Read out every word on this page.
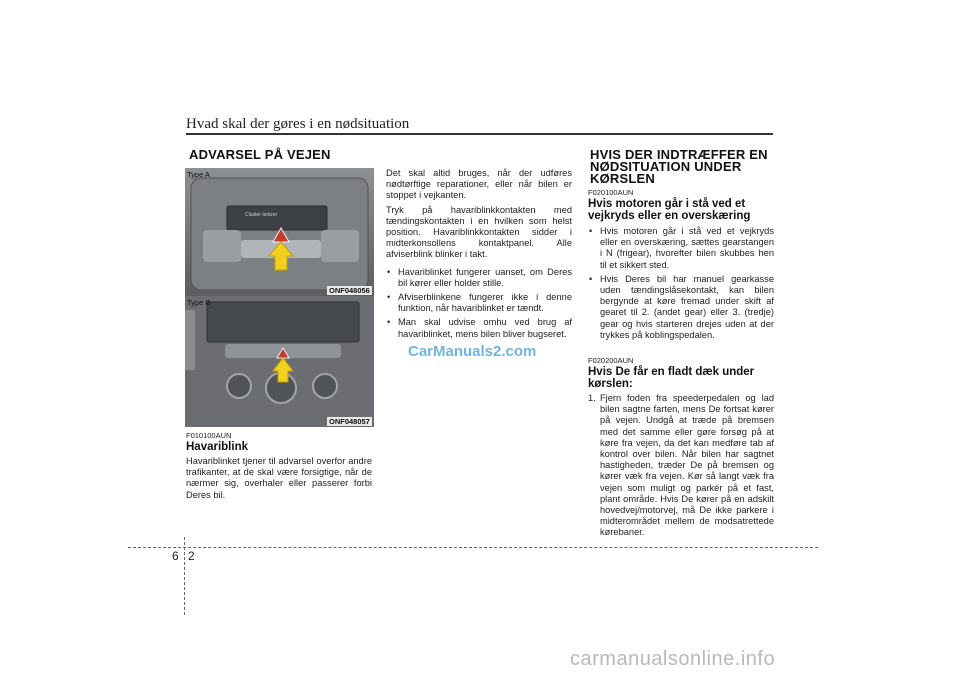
Hvad skal der gøres i en nødsituation
ADVARSEL PÅ VEJEN
Cluster Ionizer
Type A
ONF048056
Type B
ONF048057
F010100AUN
Havariblink

Havariblinket tjener til advarsel overfor andre trafikanter, at de skal være forsigtige, når de nærmer sig, overhaler eller passerer forbi Deres bil.

Det skal altid bruges, når der udføres nødtørftige reparationer, eller når bilen er stoppet i vejkanten.

Tryk på havariblinkkontakten med tændingskontakten i en hvilken som helst position. Havariblinkkontakten sidder i midterkonsollens kontaktpanel. Alle afviserblink blinker i takt.

• Havariblinket fungerer uanset, om Deres bil kører eller holder stille.
• Afviserblinkene fungerer ikke i denne funktion, når havariblinket er tændt.
• Man skal udvise omhu ved brug af havariblinket, mens bilen bliver bugseret.
HVIS DER INDTRÆFFER EN NØDSITUATION UNDER KØRSLEN
F020100AUN
Hvis motoren går i stå ved et vejkryds eller en overskæring
• Hvis motoren går i stå ved et vejkryds eller en overskæring, sættes gearstangen i N (frigear), hvorefter bilen skubbes hen til et sikkert sted.
• Hvis Deres bil har manuel gearkasse uden tændingslåsekontakt, kan bilen bergynde at køre fremad under skift af gearet til 2. (andet gear) eller 3. (tredje) gear og hvis starteren drejes uden at der trykkes på koblingspedalen.
F020200AUN
Hvis De får en fladt dæk under kørslen:
1. Fjern foden fra speederpedalen og lad bilen sagtne farten, mens De fortsat kører på vejen. Undgå at træde på bremsen med det samme eller gøre forsøg på at køre fra vejen, da det kan medføre tab af kontrol over bilen. Når bilen har sagtnet hastigheden, træder De på bremsen og kører væk fra vejen. Kør så langt væk fra vejen som muligt og parkér på et fast, plant område. Hvis De kører på en adskilt hovedvej/motorvej, må De ikke parkere i midterområdet mellem de modsatrettede kørebaner.
6 2
CarManuals2.com
carmanualsonline.info
